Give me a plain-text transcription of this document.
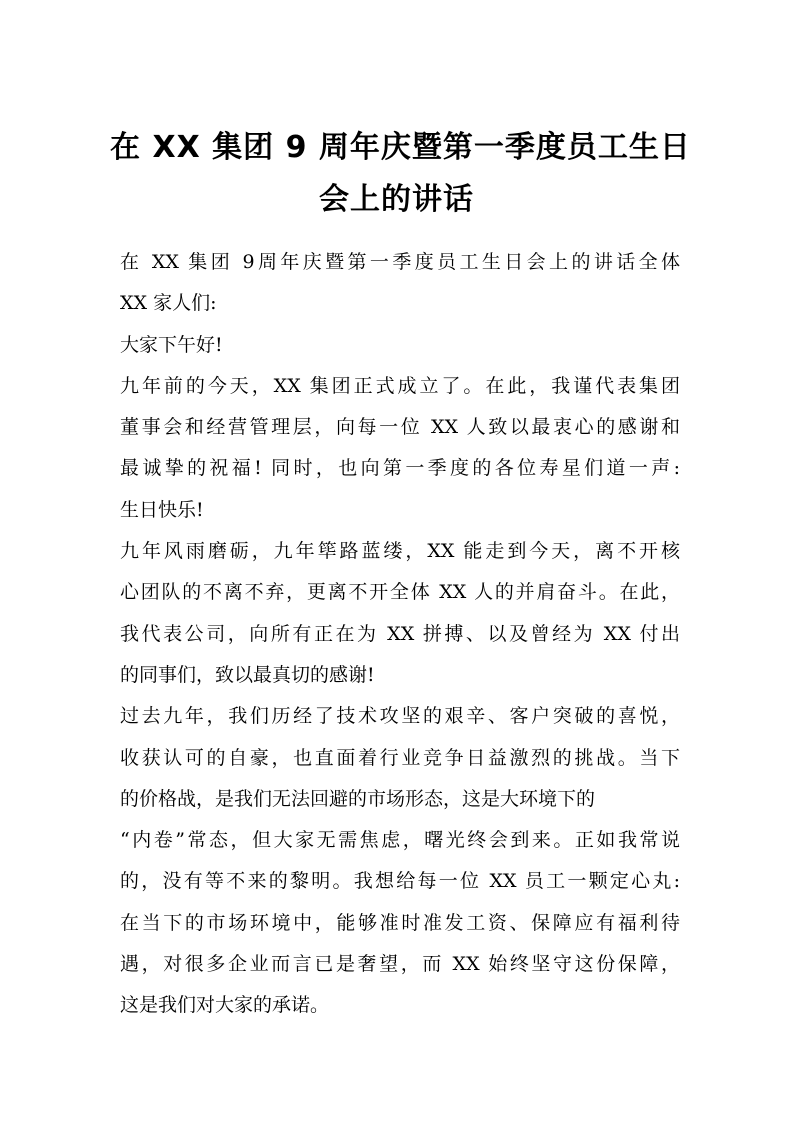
在 XX 集团 9 周年庆暨第一季度员工生日
会上的讲话
在 XX 集团 9周年庆暨第一季度员工生日会上的讲话全体
XX 家人们:
大家下午好!
九年前的今天，XX 集团正式成立了。在此，我谨代表集团
董事会和经营管理层，向每一位 XX 人致以最衷心的感谢和
最诚挚的祝福! 同时，也向第一季度的各位寿星们道一声:
生日快乐!
九年风雨磨砺，九年筚路蓝缕，XX 能走到今天，离不开核
心团队的不离不弃，更离不开全体 XX 人的并肩奋斗。在此，
我代表公司，向所有正在为 XX 拼搏、以及曾经为 XX 付出
的同事们，致以最真切的感谢!
过去九年，我们历经了技术攻坚的艰辛、客户突破的喜悦，
收获认可的自豪，也直面着行业竞争日益激烈的挑战。当下
的价格战，是我们无法回避的市场形态，这是大环境下的
“内卷”常态，但大家无需焦虑，曙光终会到来。正如我常说
的，没有等不来的黎明。我想给每一位 XX 员工一颗定心丸:
在当下的市场环境中，能够准时准发工资、保障应有福利待
遇，对很多企业而言已是奢望，而 XX 始终坚守这份保障，
这是我们对大家的承诺。
